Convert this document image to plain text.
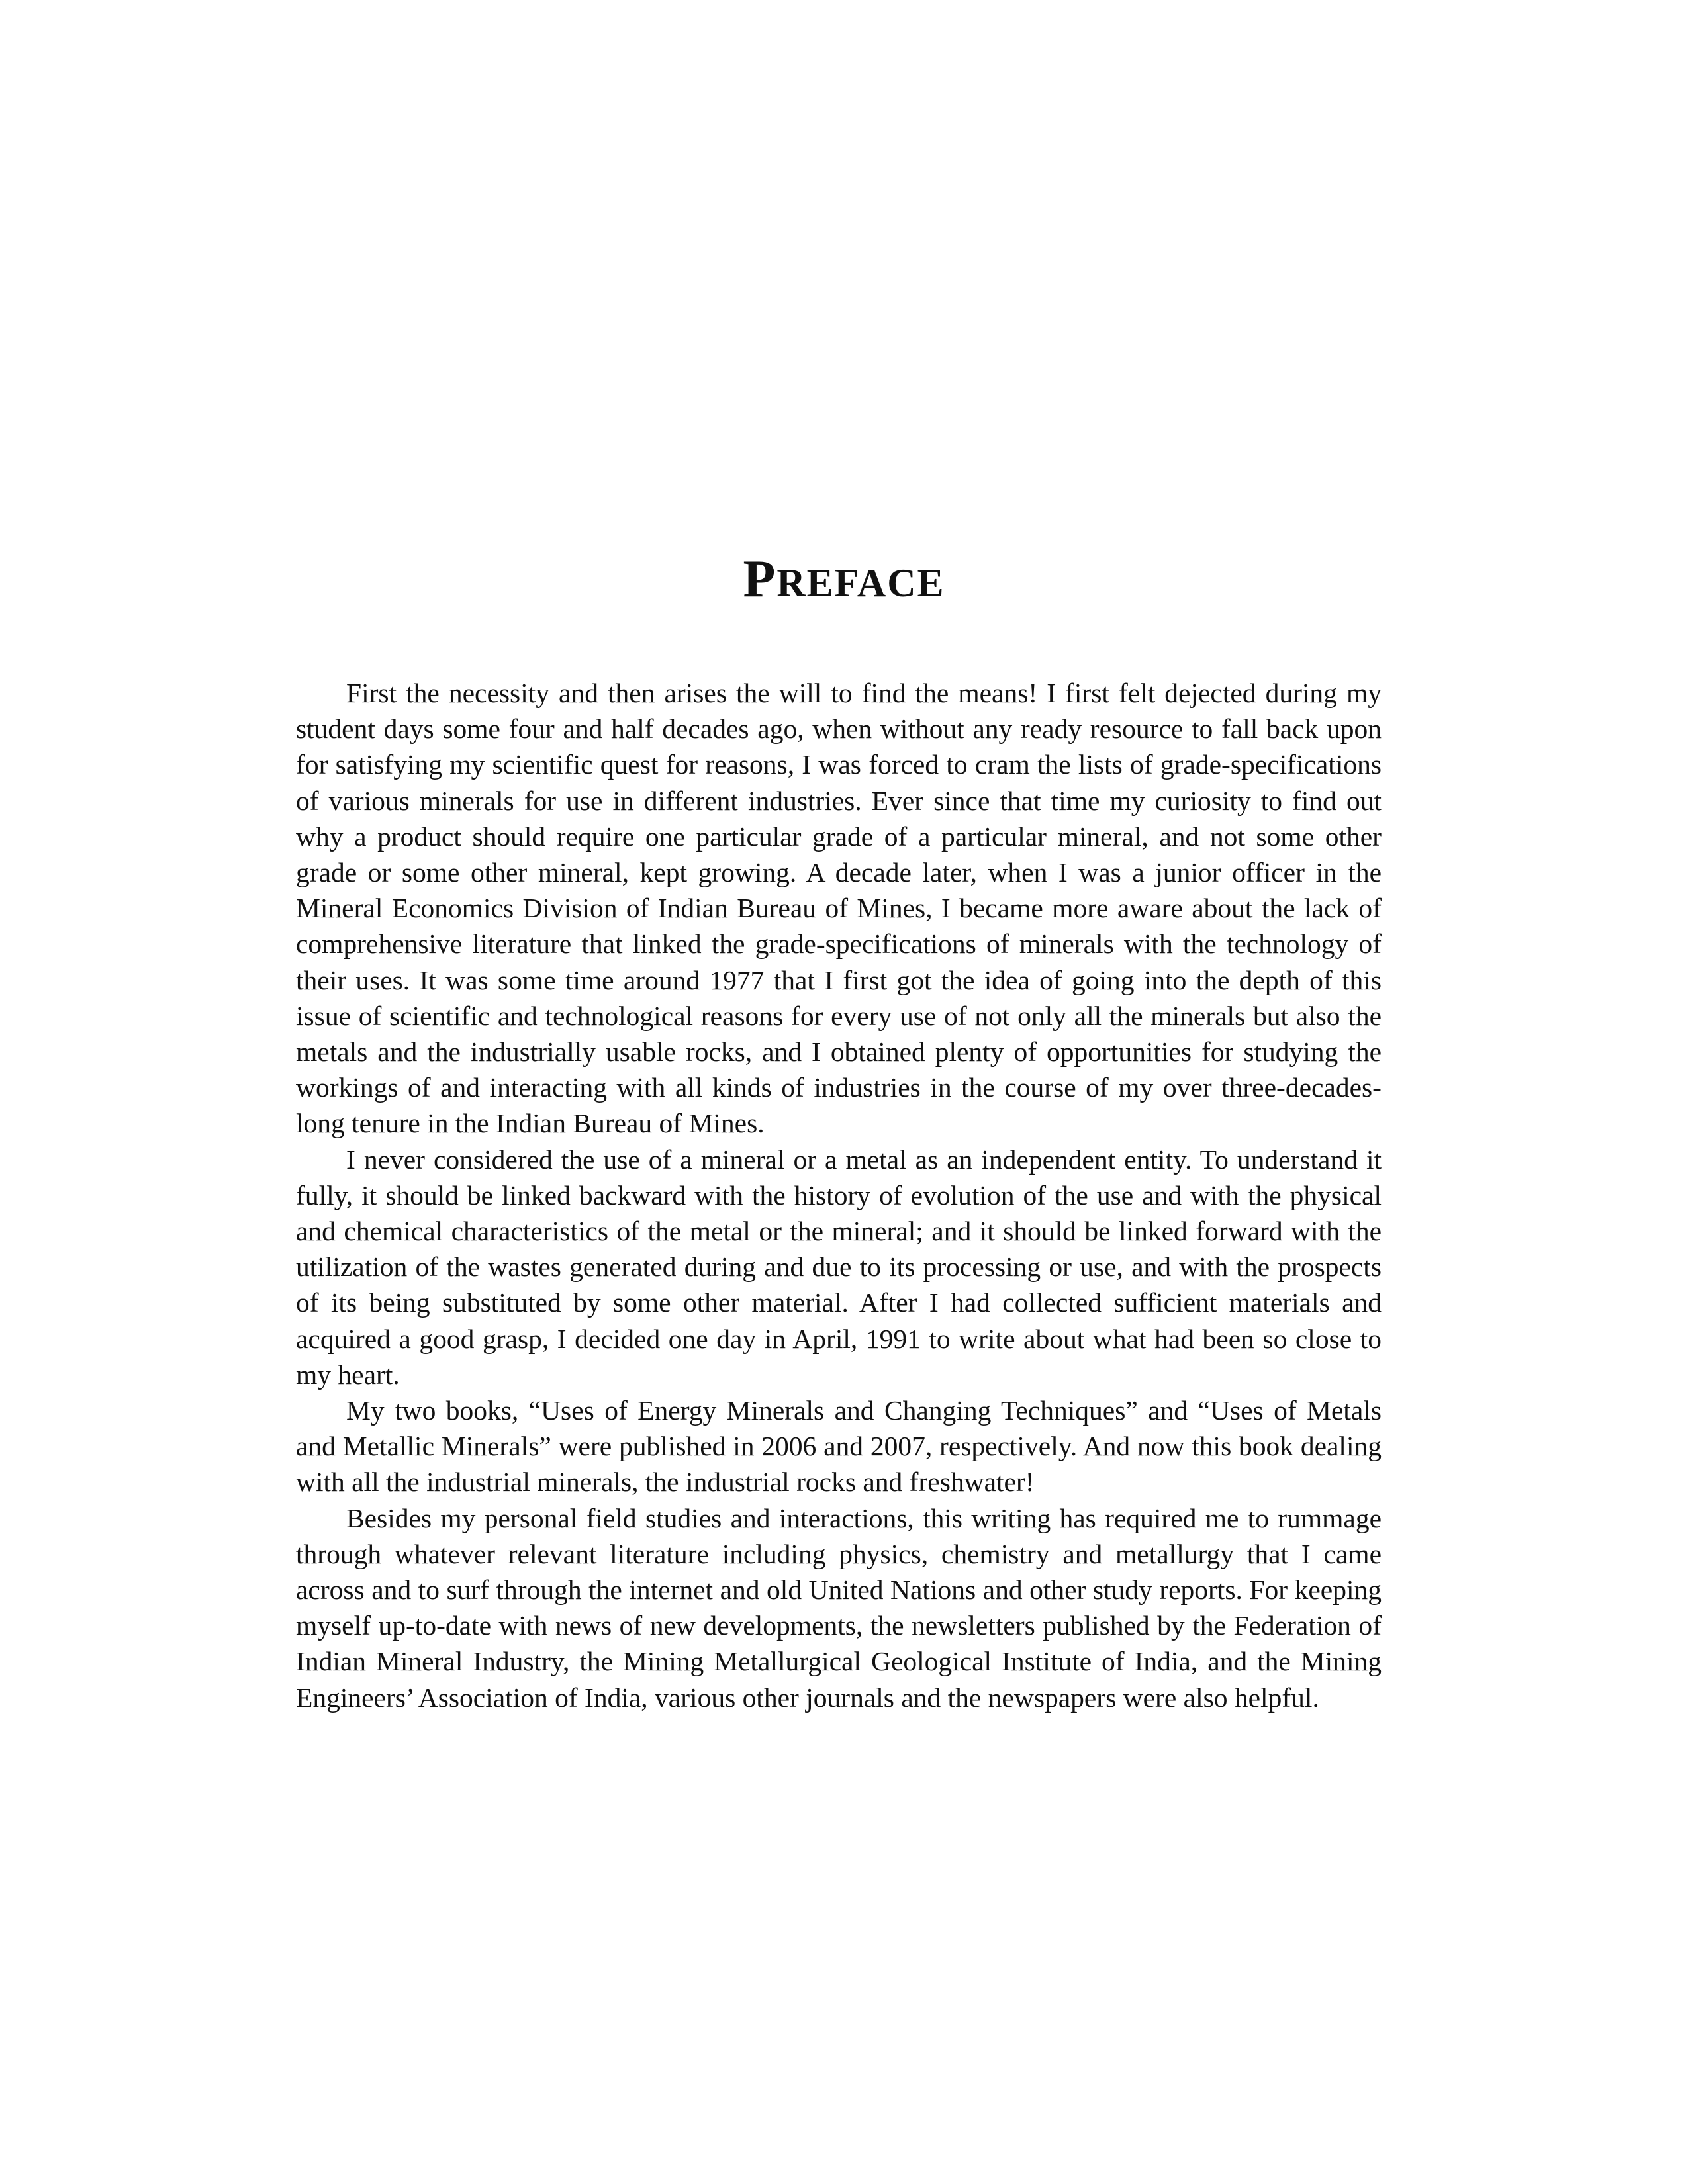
PREFACE

First the necessity and then arises the will to find the means! I first felt dejected during my student days some four and half decades ago, when without any ready resource to fall back upon for satisfying my scientific quest for reasons, I was forced to cram the lists of grade-specifications of various minerals for use in different industries. Ever since that time my curiosity to find out why a product should require one particular grade of a particular mineral, and not some other grade or some other mineral, kept growing. A decade later, when I was a junior officer in the Mineral Economics Division of Indian Bureau of Mines, I became more aware about the lack of comprehensive literature that linked the grade-specifications of minerals with the technology of their uses. It was some time around 1977 that I first got the idea of going into the depth of this issue of scientific and technological reasons for every use of not only all the minerals but also the metals and the industrially usable rocks, and I obtained plenty of opportunities for studying the workings of and interacting with all kinds of industries in the course of my over three-decades-long tenure in the Indian Bureau of Mines.

I never considered the use of a mineral or a metal as an independent entity. To understand it fully, it should be linked backward with the history of evolution of the use and with the physical and chemical characteristics of the metal or the mineral; and it should be linked forward with the utilization of the wastes generated during and due to its processing or use, and with the prospects of its being substituted by some other material. After I had collected sufficient materials and acquired a good grasp, I decided one day in April, 1991 to write about what had been so close to my heart.

My two books, “Uses of Energy Minerals and Changing Techniques” and “Uses of Metals and Metallic Minerals” were published in 2006 and 2007, respectively. And now this book dealing with all the industrial minerals, the industrial rocks and freshwater!

Besides my personal field studies and interactions, this writing has required me to rummage through whatever relevant literature including physics, chemistry and metallurgy that I came across and to surf through the internet and old United Nations and other study reports. For keeping myself up-to-date with news of new developments, the newsletters published by the Federation of Indian Mineral Industry, the Mining Metallurgical Geological Institute of India, and the Mining Engineers’ Association of India, various other journals and the newspapers were also helpful.
